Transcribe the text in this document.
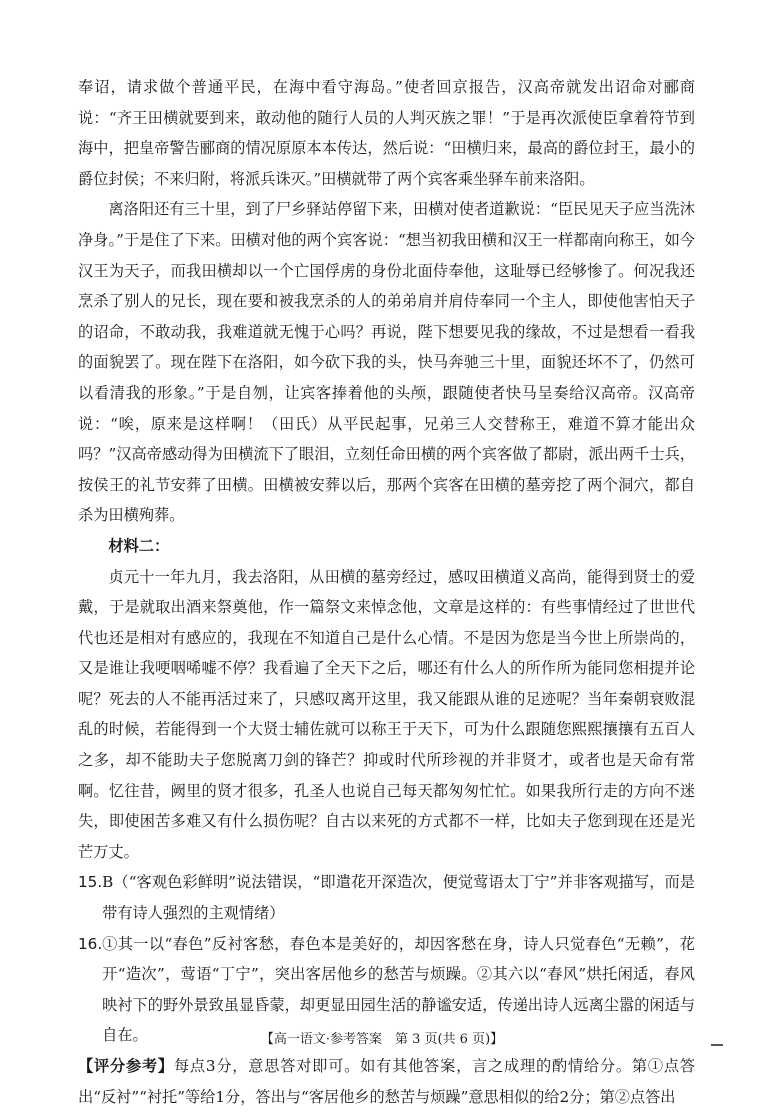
奉诏，请求做个普通平民，在海中看守海岛。”使者回京报告，汉高帝就发出诏命对郦商说：“齐王田横就要到来，敢动他的随行人员的人判灭族之罪！”于是再次派使臣拿着符节到海中，把皇帝警告郦商的情况原原本本传达，然后说：“田横归来，最高的爵位封王，最小的爵位封侯；不来归附，将派兵诛灭。”田横就带了两个宾客乘坐驿车前来洛阳。

离洛阳还有三十里，到了尸乡驿站停留下来，田横对使者道歉说：“臣民见天子应当洗沐净身。”于是住了下来。田横对他的两个宾客说：“想当初我田横和汉王一样都南向称王，如今汉王为天子，而我田横却以一个亡国俘虏的身份北面侍奉他，这耻辱已经够惨了。何况我还烹杀了别人的兄长，现在要和被我烹杀的人的弟弟肩并肩侍奉同一个主人，即使他害怕天子的诏命，不敢动我，我难道就无愧于心吗？再说，陛下想要见我的缘故，不过是想看一看我的面貌罢了。现在陛下在洛阳，如今砍下我的头，快马奔驰三十里，面貌还坏不了，仍然可以看清我的形象。”于是自刎，让宾客捧着他的头颅，跟随使者快马呈奏给汉高帝。汉高帝说：“唉，原来是这样啊！（田氏）从平民起事，兄弟三人交替称王，难道不算才能出众吗？”汉高帝感动得为田横流下了眼泪，立刻任命田横的两个宾客做了都尉，派出两千士兵，按侯王的礼节安葬了田横。田横被安葬以后，那两个宾客在田横的墓旁挖了两个洞穴，都自杀为田横殉葬。

材料二：

贞元十一年九月，我去洛阳，从田横的墓旁经过，感叹田横道义高尚，能得到贤士的爱戴，于是就取出酒来祭奠他，作一篇祭文来悼念他，文章是这样的：有些事情经过了世世代代也还是相对有感应的，我现在不知道自己是什么心情。不是因为您是当今世上所崇尚的，又是谁让我哽咽唏嘘不停？我看遍了全天下之后，哪还有什么人的所作所为能同您相提并论呢？死去的人不能再活过来了，只感叹离开这里，我又能跟从谁的足迹呢？当年秦朝衰败混乱的时候，若能得到一个大贤士辅佐就可以称王于天下，可为什么跟随您熙熙攘攘有五百人之多，却不能助夫子您脱离刀剑的锋芒？抑或时代所珍视的并非贤才，或者也是天命有常啊。忆往昔，阙里的贤才很多，孔圣人也说自己每天都匆匆忙忙。如果我所行走的方向不迷失，即使困苦多难又有什么损伤呢？自古以来死的方式都不一样，比如夫子您到现在还是光芒万丈。

15. B（“客观色彩鲜明”说法错误，“即遣花开深造次，便觉莺语太丁宁”并非客观描写，而是带有诗人强烈的主观情绪）

16. ①其一以“春色”反衬客愁，春色本是美好的，却因客愁在身，诗人只觉春色“无赖”，花开“造次”，莺语“丁宁”，突出客居他乡的愁苦与烦躁。②其六以“春风”烘托闲适，春风映衬下的野外景致虽显昏蒙，却更显田园生活的静谧安适，传递出诗人远离尘嚣的闲适与自在。

【评分参考】每点3分，意思答对即可。如有其他答案，言之成理的酌情给分。第①点答出“反衬”“衬托”等给1分，答出与“客居他乡的愁苦与烦躁”意思相似的给2分；第②点答出

【高一语文·参考答案　第 3 页(共 6 页)】
